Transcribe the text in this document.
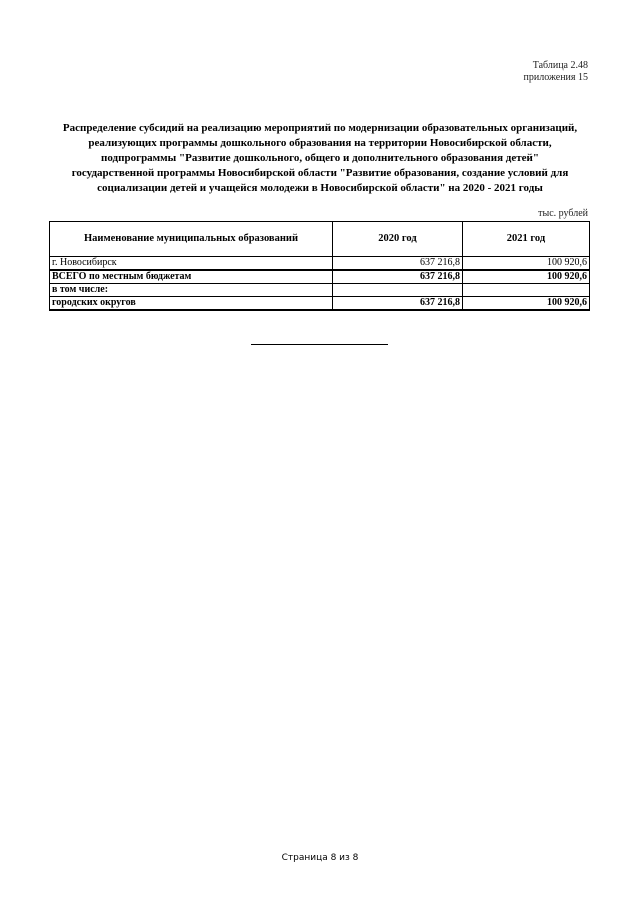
Таблица 2.48
приложения 15
Распределение субсидий на реализацию мероприятий по модернизации образовательных организаций,
реализующих программы дошкольного образования на территории Новосибирской области,
подпрограммы "Развитие дошкольного, общего и дополнительного образования детей"
государственной программы Новосибирской области "Развитие образования, создание условий для
социализации детей и учащейся молодежи в Новосибирской области" на 2020 - 2021 годы
тыс. рублей
Наименование муниципальных образований	2020 год	2021 год
г. Новосибирск	637 216,8	100 920,6
ВСЕГО по местным бюджетам	637 216,8	100 920,6
в том числе:		
городских округов	637 216,8	100 920,6
Страница 8 из 8
